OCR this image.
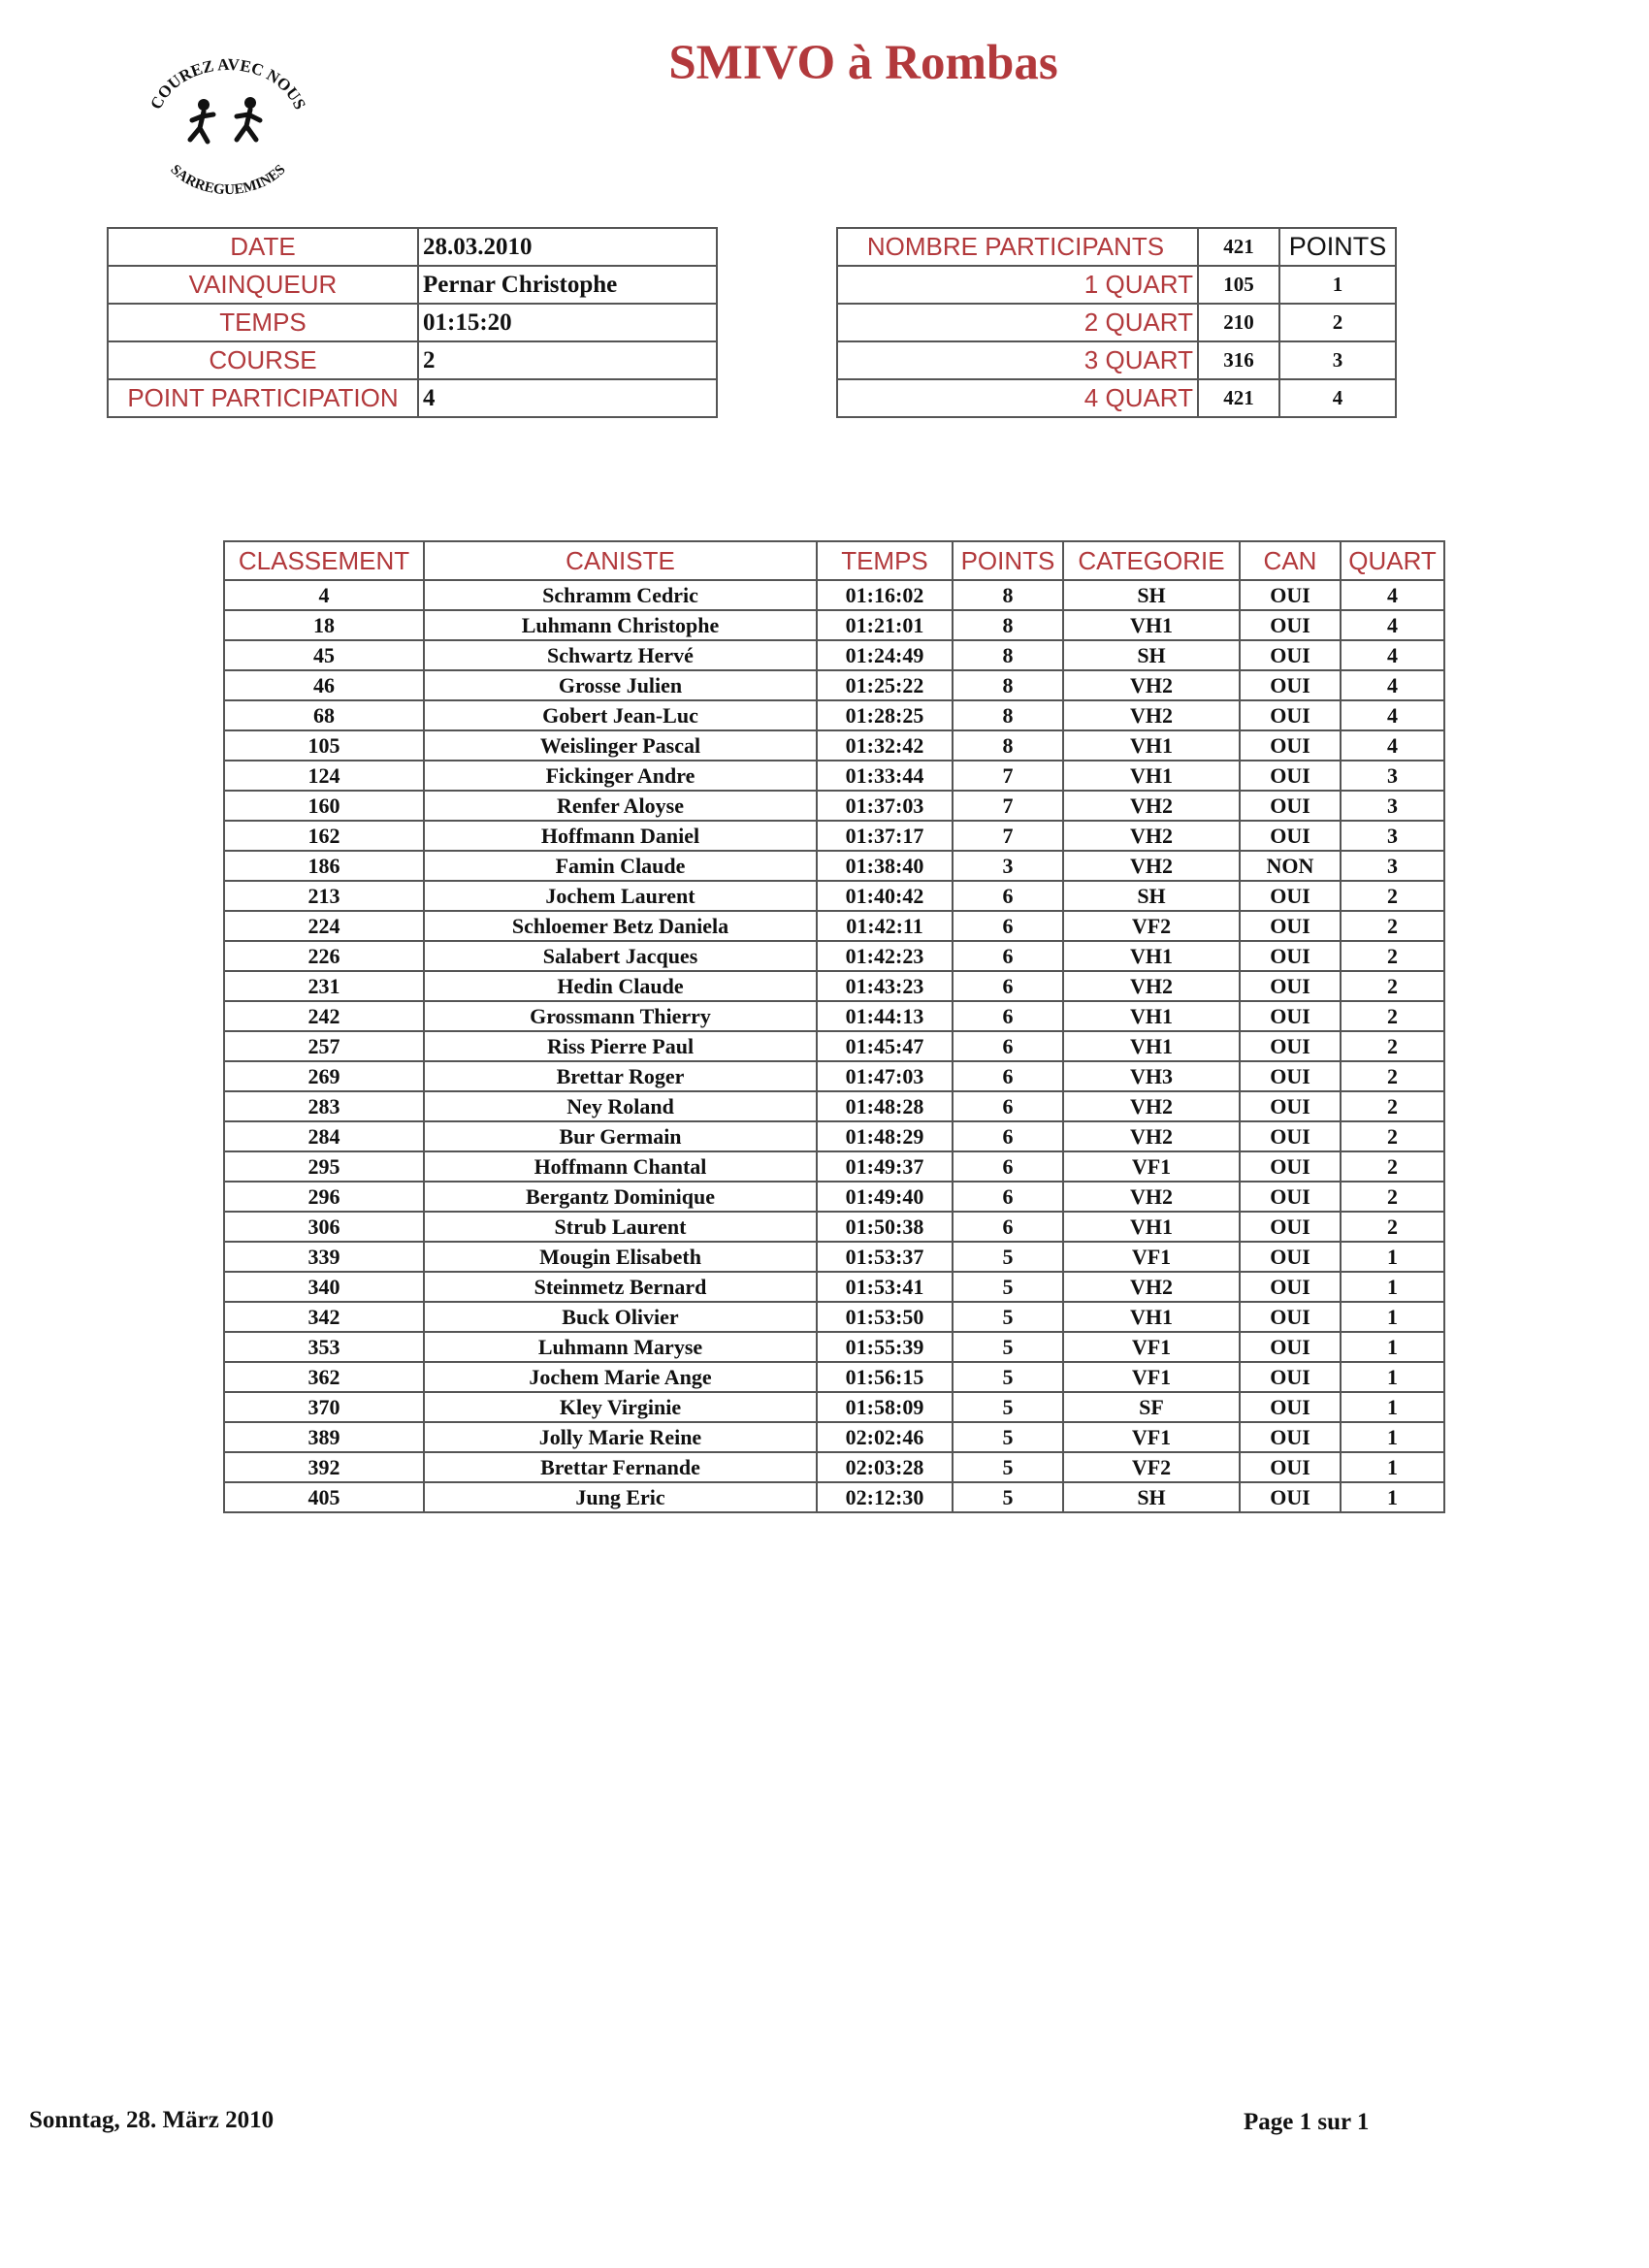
SMIVO à Rombas
COUREZ AVEC NOUS
SARREGUEMINES
DATE	28.03.2010
VAINQUEUR	Pernar Christophe
TEMPS	01:15:20
COURSE	2
POINT PARTICIPATION	4
NOMBRE PARTICIPANTS	421	POINTS
1 QUART	105	1
2 QUART	210	2
3 QUART	316	3
4 QUART	421	4
CLASSEMENT	CANISTE	TEMPS	POINTS	CATEGORIE	CAN	QUART
4	Schramm Cedric	01:16:02	8	SH	OUI	4
18	Luhmann Christophe	01:21:01	8	VH1	OUI	4
45	Schwartz Hervé	01:24:49	8	SH	OUI	4
46	Grosse Julien	01:25:22	8	VH2	OUI	4
68	Gobert Jean-Luc	01:28:25	8	VH2	OUI	4
105	Weislinger Pascal	01:32:42	8	VH1	OUI	4
124	Fickinger Andre	01:33:44	7	VH1	OUI	3
160	Renfer Aloyse	01:37:03	7	VH2	OUI	3
162	Hoffmann Daniel	01:37:17	7	VH2	OUI	3
186	Famin Claude	01:38:40	3	VH2	NON	3
213	Jochem Laurent	01:40:42	6	SH	OUI	2
224	Schloemer Betz Daniela	01:42:11	6	VF2	OUI	2
226	Salabert Jacques	01:42:23	6	VH1	OUI	2
231	Hedin Claude	01:43:23	6	VH2	OUI	2
242	Grossmann Thierry	01:44:13	6	VH1	OUI	2
257	Riss Pierre Paul	01:45:47	6	VH1	OUI	2
269	Brettar Roger	01:47:03	6	VH3	OUI	2
283	Ney Roland	01:48:28	6	VH2	OUI	2
284	Bur Germain	01:48:29	6	VH2	OUI	2
295	Hoffmann Chantal	01:49:37	6	VF1	OUI	2
296	Bergantz Dominique	01:49:40	6	VH2	OUI	2
306	Strub Laurent	01:50:38	6	VH1	OUI	2
339	Mougin Elisabeth	01:53:37	5	VF1	OUI	1
340	Steinmetz Bernard	01:53:41	5	VH2	OUI	1
342	Buck Olivier	01:53:50	5	VH1	OUI	1
353	Luhmann Maryse	01:55:39	5	VF1	OUI	1
362	Jochem Marie Ange	01:56:15	5	VF1	OUI	1
370	Kley Virginie	01:58:09	5	SF	OUI	1
389	Jolly Marie Reine	02:02:46	5	VF1	OUI	1
392	Brettar Fernande	02:03:28	5	VF2	OUI	1
405	Jung Eric	02:12:30	5	SH	OUI	1
Sonntag, 28. März 2010	Page 1 sur 1
